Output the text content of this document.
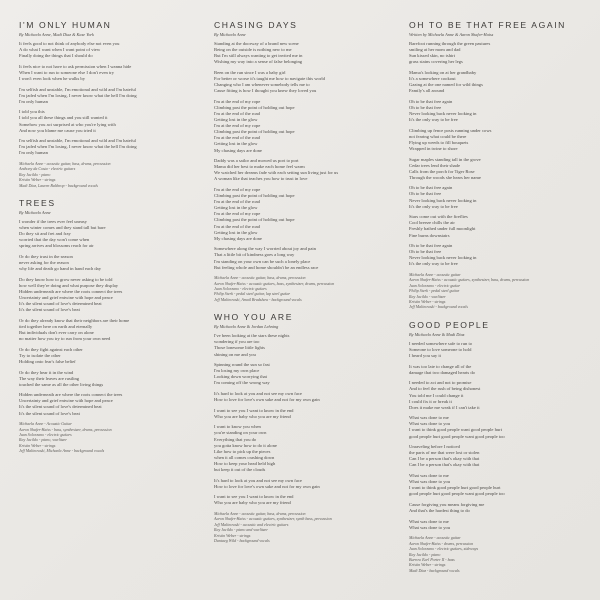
I'M ONLY HUMAN
By Michaela Anne, Madi Diaz & Kase York
It feels good to not think of anybody else not even you
A do what I want when I want point of view
Finally doing the things that I should do
It feels nice to not have to ask permission when I wanna hide
When I want to run to someone else I don't even try
I won't even look when he walks by
I'm selfish and unstable, I'm emotional and wild and I'm hateful
I'm jaded when I'm losing, I never know what the hell I'm doing
I'm only human
I told you this
I told you all these things and you still wanted it
Somehow you act surprised at who you're lying with
And now you blame me cause you tried it
I'm selfish and unstable, I'm emotional and wild and I'm hateful
I'm jaded when I'm losing, I never know what the hell I'm doing
I'm only human
Michaela Anne - acoustic guitar, bass, drums, percussion
Anthony da Costa - electric guitars
Ray Jacildo - piano
Kristin Weber - strings
Madi Diaz, Lauren Balthrop - background vocals
TREES
By Michaela Anne
I wonder if the trees ever feel uneasy
when winter comes and they stand tall but bare
Do they sit and fret and fray
worried that the day won't come when
spring arrives and blossoms reach for air
Or do they trust in the season
never asking for the reason
why life and death go hand in hand each day
Do they know how to grow never asking to be told
how well they're doing and what purpose they display
Hidden underneath are where the roots connect the trees
Uncertainty and grief entwine with hope and peace
It's the silent sound of love's determined beat
It's the silent sound of love's beat
Or do they already know that their neighbors are their home
tied together here on earth and eternally
But individuals don't ever carry on alone
no matter how you try to run from your own need
Or do they fight against each other
Try to isolate the other
Holding onto fear's false belief
Or do they hear it in the wind
The way their leaves are rustling
touched the same as all the other living things
Hidden underneath are where the roots connect the trees
Uncertainty and grief entwine with hope and peace
It's the silent sound of love's determined beat
It's the silent sound of love's beat
Michaela Anne - Acoustic Guitar
Aaron Shafer-Haiss - bass, synthesizer, drums, percussion
Juan Solorzano - electric guitars
Ray Jacildo - piano, wurlitzer
Kristin Weber - strings
Jeff Malinowski, Michaela Anne - background vocals
CHASING DAYS
By Michaela Anne
Standing at the doorway of a brand new scene
Being on the outside is nothing new to me
But I'm still always wanting to get invited me in
Wishing my way into a sense of false belonging
Been on the run since I was a baby girl
For better or worse it's taught me how to navigate this world
Changing who I am whenever somebody tells me to
Cause fitting is how I thought you knew they loved you
I'm at the end of my rope
Climbing past the point of holding out hope
I'm at the end of the road
Getting lost in the glow
I'm at the end of my rope
Climbing past the point of holding out hope
I'm at the end of the road
Getting lost in the glow
My chasing days are done
Daddy was a sailor and mowed us port to port
Mama did her best to make each home feel warm
We watched her dreams fade with each setting sun living just for us
A woman like that teaches you how to trust in love
I'm at the end of my rope
Climbing past the point of holding out hope
I'm at the end of the road
Getting lost in the glow
I'm at the end of my rope
Climbing past the point of holding out hope
I'm at the end of the road
Getting lost in the glow
My chasing days are done
Somewhere along the way I worried about joy and pain
That a little bit of kindness goes a long way
I'm standing on your own can be such a lonely place
But feeling whole and home shouldn't be an endless race
Michaela Anne - acoustic guitar, bass, drums, percussion
Aaron Shafer-Haiss - acoustic guitars, bass, synthesizer, drums, percussion
Juan Solorzano - electric guitars
Philip Sterk - pedal steel guitar, lap steel guitar
Jeff Malinowski, Amail Bradshaw - background vocals
WHO YOU ARE
By Michaela Anne & Jordan Lehning
I've been looking at the stars these nights
wondering if you are too
Those lonesome little lights
shining on me and you
Spinning round the sun so fast
I'm losing my own place
Looking down worrying that
I'm coming off the wrong way
It's hard to look at you and not see my own face
How to love for love's own sake and not for my own gain
I want to see you I want to know in the end
Who you are baby who you are my friend
I want to know you when
you're standing on your own
Everything that you do
you gotta know how to do it alone
Like how to pick up the pieces
when it all comes crashing down
How to keep your head held high
but keep it out of the clouds
It's hard to look at you and not see my own face
How to love for love's own sake and not for my own gain
I want to see you I want to know in the end
Who you are baby who you are my friend
Michaela Anne - acoustic guitar, bass, drums, percussion
Aaron Shafer-Haiss - acoustic guitars, synthesizer, synth bass, percussion
Jeff Malinowski - acoustic and electric guitars
Ray Jacildo - piano and wurlitzer
Kristin Weber - strings
Dantaeg Wild - background vocals
OH TO BE THAT FREE AGAIN
Written by Michaela Anne & Aaron Shafer-Haiss
Barefoot running through the green pastures
smiling at her mom and dad
Sun kissed skin, no tshirt
grass stains covering her legs
Mama's looking on at her grandbaby
It's a somewhere cookout
Gazing at the one named for wild things
Family's all around
Oh to be that free again
Oh to be that free
Never looking back never looking in
It's the only way to be free
Climbing up fence posts running under cows
not fearing what could be there
Flying up weeds to fill bouquets
Wrapped in twine to shore
Sugar maples standing tall in the grove
Cedar trees lend their shade
Calls from the porch for Tiger Rose
Through the woods she hears her name
Oh to be that free again
Oh to be that free
Never looking back never looking in
It's the only way to be free
Stars come out with the fireflies
Cool breeze chills the air
Freshly bathed under full moonlight
Fine burns downstairs
Oh to be that free again
Oh to be that free
Never looking back never looking in
It's the only way to be free
Michaela Anne - acoustic guitar
Aaron Shafer-Haiss - acoustic guitars, synthesizer, bass, drums, percussion
Juan Solorzano - electric guitar
Philip Sterk - pedal steel guitar
Ray Jacildo - wurlitzer
Kristin Weber - strings
Jeff Malinowski - background vocals
GOOD PEOPLE
By Michaela Anne & Madi Diaz
I needed somewhere safe to run to
Someone to love someone to hold
I heard you say it
It was too late to change all of the
damage that two damaged hearts do
I needed to act and not to promise
And to feel the rush of being dishonest
You told me I could change it
I could fix it or break it
Does it make me weak if I can't take it
What was done to me
What was done to you
I want to think good people want good people hurt
good people hurt good people want good people too
Unraveling before I noticed
the parts of me that were lost or stolen
Can I be a person that's okay with that
Can I be a person that's okay with that
What was done to me
What was done to you
I want to think good people hurt good people hurt
good people hurt good people want good people too
Cause forgiving you means forgiving me
And that's the hardest thing to do
What was done to me
What was done to you
Michaela Anne - acoustic guitar
Aaron Shafer-Haiss - drums, percussion
Juan Solorzano - electric guitars, sideways
Ray Jacildo - piano
Burrow Earl Porter II - bass
Kristin Weber - strings
Madi Diaz - background vocals
